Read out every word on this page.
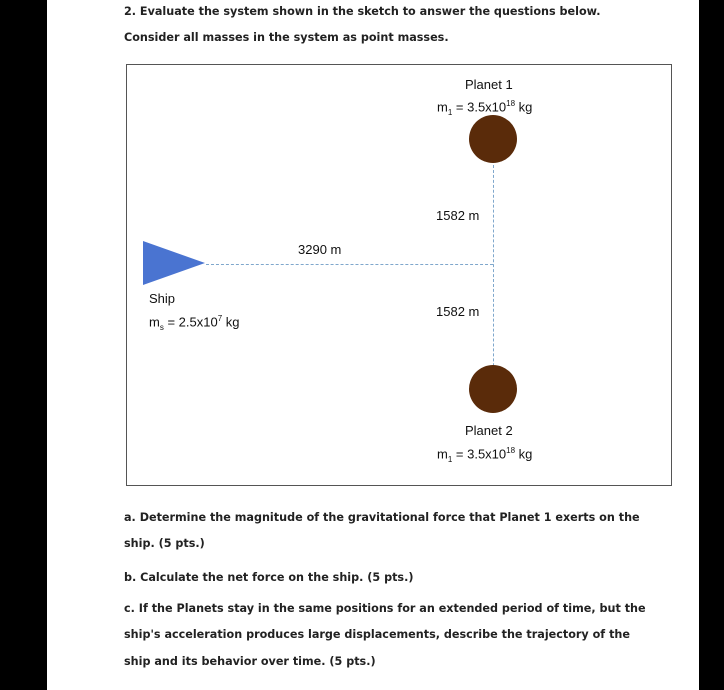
2. Evaluate the system shown in the sketch to answer the questions below.
Consider all masses in the system as point masses.
Planet 1
$m_1 = 3.5x10^{18}$ kg
1582 m
1582 m
3290 m
Ship
$m_s = 2.5x10^7$ kg
Planet 2
$m_1 = 3.5x10^{18}$ kg
a. Determine the magnitude of the gravitational force that Planet 1 exerts on the
ship. (5 pts.)
b. Calculate the net force on the ship. (5 pts.)
c. If the Planets stay in the same positions for an extended period of time, but the
ship's acceleration produces large displacements, describe the trajectory of the
ship and its behavior over time. (5 pts.)
